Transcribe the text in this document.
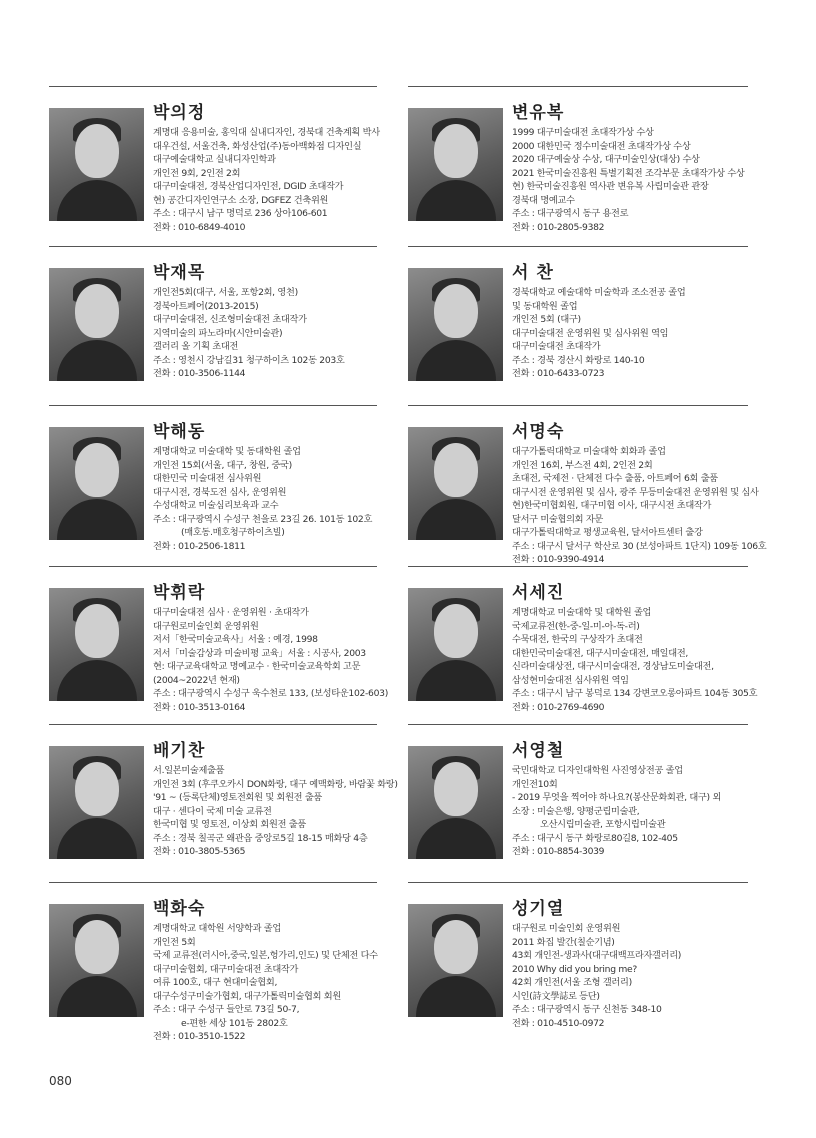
박의정
계명대 응용미술, 홍익대 실내디자인, 경북대 건축계획 박사
대우건설, 서울건축, 화성산업(주)동아백화점 디자인실
대구예술대학교 실내디자인학과
개인전 9회, 2인전 2회
대구미술대전, 경북산업디자인전, DGID 초대작가
현) 공간디자인연구소 소장, DGFEZ 건축위원
주소 : 대구시 남구 명덕로 236 상아106-601
전화 : 010-6849-4010
박재목
개인전5회(대구, 서울, 포항2회, 영천)
경북아트페어(2013-2015)
대구미술대전, 신조형미술대전 초대작가
지역미술의 파노라마(시안미술관)
갤러리 올 기획 초대전
주소 : 영천시 강남길31 청구하이츠 102동 203호
전화 : 010-3506-1144
박해동
계명대학교 미술대학 및 동대학원 졸업
개인전 15회(서울, 대구, 창원, 중국)
대한민국 미술대전 심사위원
대구시전, 경북도전 심사, 운영위원
수성대학교 미술심리보육과 교수
주소 : 대구광역시 수성구 천을로 23길 26. 101동 102호
(매호동.매호청구하이츠빌)
전화 : 010-2506-1811
박휘락
대구미술대전 심사 · 운영위원 · 초대작가
대구원로미술인회 운영위원
저서「한국미술교육사」서울 : 예경, 1998
저서「미술감상과 미술비평 교육」서울 : 시공사, 2003
현: 대구교육대학교 명예교수 · 한국미술교육학회 고문
(2004~2022년 현재)
주소 : 대구광역시 수성구 욱수천로 133, (보성타운102-603)
전화 : 010-3513-0164
배기찬
서.일본미술제출품
개인전 3회 (후쿠오카시 DON화랑, 대구 예맥화랑, 바람꽃 화랑)
'91 ~ (등록단체)영토전회원 및 회원전 출품
대구 · 센다이 국제 미술 교류전
한국미협 및 영토전, 이상회 회원전 출품
주소 : 경북 칠곡군 왜관읍 중앙로5길 18-15 매화당 4층
전화 : 010-3805-5365
백화숙
계명대학교 대학원 서양학과 졸업
개인전 5회
국제 교류전(러시아,중국,일본,헝가리,인도) 및 단체전 다수
대구미술협회, 대구미술대전 초대작가
여류 100호, 대구 현대미술협회,
대구수성구미술가협회, 대구가톨릭미술협회 회원
주소 : 대구 수성구 들안로 73길 50-7,
e-편한 세상 101동 2802호
전화 : 010-3510-1522
변유복
1999 대구미술대전 초대작가상 수상
2000 대한민국 정수미술대전 초대작가상 수상
2020 대구예술상 수상, 대구미술인상(대상) 수상
2021 한국미술진흥원 특별기획전 조각부문 초대작가상 수상
현) 한국미술진흥원 역사관 변유복 사립미술관 관장
경북대 명예교수
주소 : 대구광역시 동구 용전로
전화 : 010-2805-9382
서 찬
경북대학교 예술대학 미술학과 조소전공 졸업
및 동대학원 졸업
개인전 5회 (대구)
대구미술대전 운영위원 및 심사위원 역임
대구미술대전 초대작가
주소 : 경북 경산시 화랑로 140-10
전화 : 010-6433-0723
서명숙
대구가톨릭대학교 미술대학 회화과 졸업
개인전 16회, 부스전 4회, 2인전 2회
초대전, 국제전 · 단체전 다수 출품, 아트페어 6회 출품
대구시전 운영위원 및 심사, 광주 무등미술대전 운영위원 및 심사
현)한국미협회원, 대구미협 이사, 대구시전 초대작가
달서구 미술협의회 자문
대구가톨릭대학교 평생교육원, 달서아트센터 출강
주소 : 대구시 달서구 학산로 30 (보성아파트 1단지) 109동 106호
전화 : 010-9390-4914
서세진
계명대학교 미술대학 및 대학원 졸업
국제교류전(한-중-일-미-아-독-러)
수묵대전, 한국의 구상작가 초대전
대한민국미술대전, 대구시미술대전, 매일대전,
신라미술대상전, 대구시미술대전, 경상남도미술대전,
삼성현미술대전 심사위원 역임
주소 : 대구시 남구 봉덕로 134 강변코오롱아파트 104동 305호
전화 : 010-2769-4690
서영철
국민대학교 디자인대학원 사진영상전공 졸업
개인전10회
- 2019 무엇을 찍어야 하나요?(봉산문화회관, 대구) 외
소장 : 미술은행, 양평군립미술관,
오산시립미술관, 포항시립미술관
주소 : 대구시 동구 화랑로80길8, 102-405
전화 : 010-8854-3039
성기열
대구원로 미술인회 운영위원
2011 화집 발간(칠순기념)
43회 개인전-생과사(대구대백프라자갤러리)
2010 Why did you bring me?
42회 개인전(서울 조형 갤러리)
시인(詩文學誌로 등단)
주소 : 대구광역시 동구 신천동 348-10
전화 : 010-4510-0972
080
